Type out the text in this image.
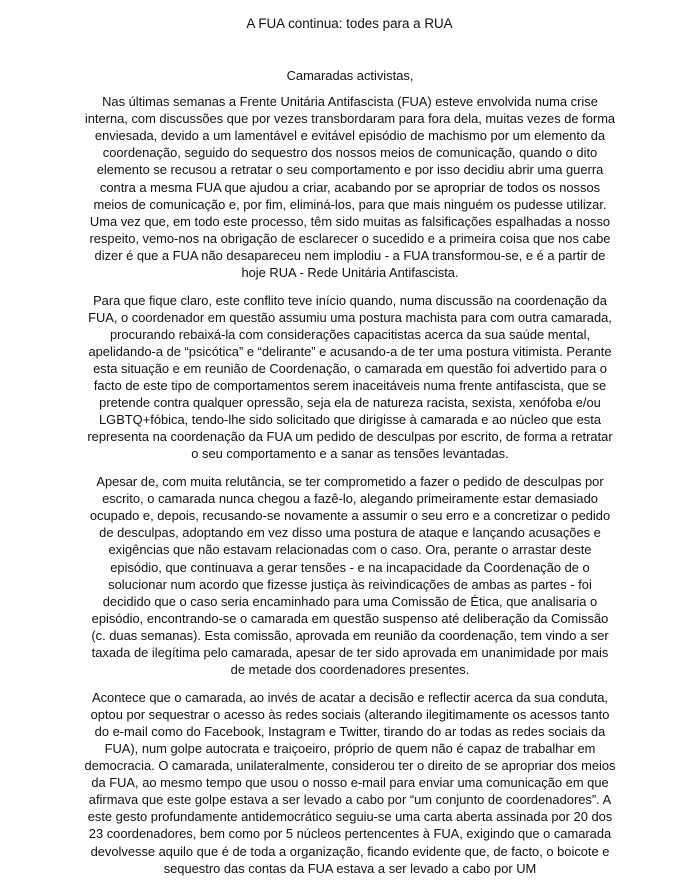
A FUA continua: todes para a RUA

Camaradas activistas,

Nas últimas semanas a Frente Unitária Antifascista (FUA) esteve envolvida numa crise interna, com discussões que por vezes transbordaram para fora dela, muitas vezes de forma enviesada, devido a um lamentável e evitável episódio de machismo por um elemento da coordenação, seguido do sequestro dos nossos meios de comunicação, quando o dito elemento se recusou a retratar o seu comportamento e por isso decidiu abrir uma guerra contra a mesma FUA que ajudou a criar, acabando por se apropriar de todos os nossos meios de comunicação e, por fim, eliminá-los, para que mais ninguém os pudesse utilizar. Uma vez que, em todo este processo, têm sido muitas as falsificações espalhadas a nosso respeito, vemo-nos na obrigação de esclarecer o sucedido e a primeira coisa que nos cabe dizer é que a FUA não desapareceu nem implodiu - a FUA transformou-se, e é a partir de hoje RUA - Rede Unitária Antifascista.

Para que fique claro, este conflito teve início quando, numa discussão na coordenação da FUA, o coordenador em questão assumiu uma postura machista para com outra camarada, procurando rebaixá-la com considerações capacitistas acerca da sua saúde mental, apelidando-a de “psicótica” e “delirante” e acusando-a de ter uma postura vitimista. Perante esta situação e em reunião de Coordenação, o camarada em questão foi advertido para o facto de este tipo de comportamentos serem inaceitáveis numa frente antifascista, que se pretende contra qualquer opressão, seja ela de natureza racista, sexista, xenófoba e/ou LGBTQ+fóbica, tendo-lhe sido solicitado que dirigisse à camarada e ao núcleo que esta representa na coordenação da FUA um pedido de desculpas por escrito, de forma a retratar o seu comportamento e a sanar as tensões levantadas.

Apesar de, com muita relutância, se ter comprometido a fazer o pedido de desculpas por escrito, o camarada nunca chegou a fazê-lo, alegando primeiramente estar demasiado ocupado e, depois, recusando-se novamente a assumir o seu erro e a concretizar o pedido de desculpas, adoptando em vez disso uma postura de ataque e lançando acusações e exigências que não estavam relacionadas com o caso. Ora, perante o arrastar deste episódio, que continuava a gerar tensões - e na incapacidade da Coordenação de o solucionar num acordo que fizesse justiça às reivindicações de ambas as partes - foi decidido que o caso seria encaminhado para uma Comissão de Ética, que analisaria o episódio, encontrando-se o camarada em questão suspenso até deliberação da Comissão (c. duas semanas). Esta comissão, aprovada em reunião da coordenação, tem vindo a ser taxada de ilegítima pelo camarada, apesar de ter sido aprovada em unanimidade por mais de metade dos coordenadores presentes.

Acontece que o camarada, ao invés de acatar a decisão e reflectir acerca da sua conduta, optou por sequestrar o acesso às redes sociais (alterando ilegitimamente os acessos tanto do e-mail como do Facebook, Instagram e Twitter, tirando do ar todas as redes sociais da FUA), num golpe autocrata e traiçoeiro, próprio de quem não é capaz de trabalhar em democracia. O camarada, unilateralmente, considerou ter o direito de se apropriar dos meios da FUA, ao mesmo tempo que usou o nosso e-mail para enviar uma comunicação em que afirmava que este golpe estava a ser levado a cabo por “um conjunto de coordenadores”. A este gesto profundamente antidemocrático seguiu-se uma carta aberta assinada por 20 dos 23 coordenadores, bem como por 5 núcleos pertencentes à FUA, exigindo que o camarada devolvesse aquilo que é de toda a organização, ficando evidente que, de facto, o boicote e sequestro das contas da FUA estava a ser levado a cabo por UM
